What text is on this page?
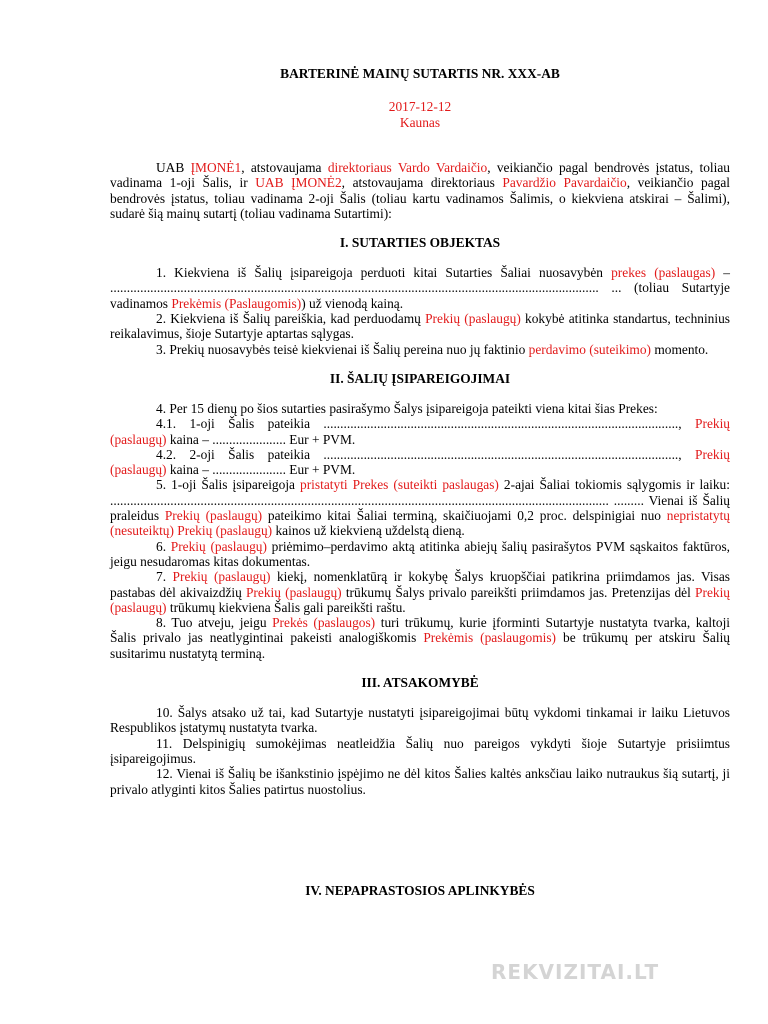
BARTERINĖ MAINŲ SUTARTIS NR. XXX-AB

2017-12-12
Kaunas

UAB ĮMONĖ1, atstovaujama direktoriaus Vardo Vardaičio, veikiančio pagal bendrovės įstatus, toliau vadinama 1-oji Šalis, ir UAB ĮMONĖ2, atstovaujama direktoriaus Pavardžio Pavardaičio, veikiančio pagal bendrovės įstatus, toliau vadinama 2-oji Šalis (toliau kartu vadinamos Šalimis, o kiekviena atskirai – Šalimi), sudarė šią mainų sutartį (toliau vadinama Sutartimi):

I. SUTARTIES OBJEKTAS

1. Kiekviena iš Šalių įsipareigoja perduoti kitai Sutarties Šaliai nuosavybėn prekes (paslaugas) – .................................................................................................................................................. ... (toliau Sutartyje vadinamos Prekėmis (Paslaugomis)) už vienodą kainą.

2. Kiekviena iš Šalių pareiškia, kad perduodamų Prekių (paslaugų) kokybė atitinka standartus, techninius reikalavimus, šioje Sutartyje aptartas sąlygas.

3. Prekių nuosavybės teisė kiekvienai iš Šalių pereina nuo jų faktinio perdavimo (suteikimo) momento.

II. ŠALIŲ ĮSIPAREIGOJIMAI

4. Per 15 dienų po šios sutarties pasirašymo Šalys įsipareigoja pateikti viena kitai šias Prekes:

4.1. 1-oji Šalis pateikia .........................................................................................................., Prekių (paslaugų) kaina – ...................... Eur + PVM.

4.2. 2-oji Šalis pateikia .........................................................................................................., Prekių (paslaugų) kaina – ...................... Eur + PVM.

5. 1-oji Šalis įsipareigoja pristatyti Prekes (suteikti paslaugas) 2-ajai Šaliai tokiomis sąlygomis ir laiku: ..................................................................................................................................................... ......... Vienai iš Šalių praleidus Prekių (paslaugų) pateikimo kitai Šaliai terminą, skaičiuojami 0,2 proc. delspinigiai nuo nepristatytų (nesuteiktų) Prekių (paslaugų) kainos už kiekvieną uždelstą dieną.

6. Prekių (paslaugų) priėmimo–perdavimo aktą atitinka abiejų šalių pasirašytos PVM sąskaitos faktūros, jeigu nesudaromas kitas dokumentas.

7. Prekių (paslaugų) kiekį, nomenklatūrą ir kokybę Šalys kruopščiai patikrina priimdamos jas. Visas pastabas dėl akivaizdžių Prekių (paslaugų) trūkumų Šalys privalo pareikšti priimdamos jas. Pretenzijas dėl Prekių (paslaugų) trūkumų kiekviena Šalis gali pareikšti raštu.

8. Tuo atveju, jeigu Prekės (paslaugos) turi trūkumų, kurie įforminti Sutartyje nustatyta tvarka, kaltoji Šalis privalo jas neatlygintinai pakeisti analogiškomis Prekėmis (paslaugomis) be trūkumų per atskiru Šalių susitarimu nustatytą terminą.

III. ATSAKOMYBĖ

10. Šalys atsako už tai, kad Sutartyje nustatyti įsipareigojimai būtų vykdomi tinkamai ir laiku Lietuvos Respublikos įstatymų nustatyta tvarka.

11. Delspinigių sumokėjimas neatleidžia Šalių nuo pareigos vykdyti šioje Sutartyje prisiimtus įsipareigojimus.

12. Vienai iš Šalių be išankstinio įspėjimo ne dėl kitos Šalies kaltės anksčiau laiko nutraukus šią sutartį, ji privalo atlyginti kitos Šalies patirtus nuostolius.

IV. NEPAPRASTOSIOS APLINKYBĖS

REKVIZITAI.LT
